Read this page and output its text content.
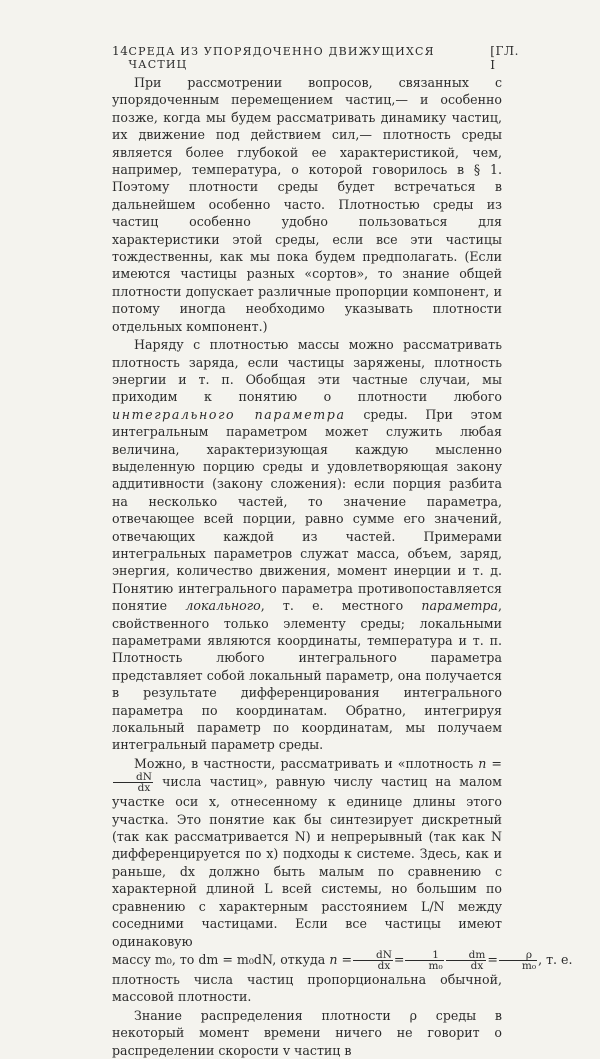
14 СРЕДА ИЗ УПОРЯДОЧЕННО ДВИЖУЩИХСЯ ЧАСТИЦ
[ГЛ. I

При рассмотрении вопросов, связанных с упорядоченным перемещением частиц,— и особенно позже, когда мы будем рассматривать динамику частиц, их движение под действием сил,— плотность среды является более глубокой ее характеристикой, чем, например, температура, о которой говорилось в § 1. Поэтому плотности среды будет встречаться в дальнейшем особенно часто. Плотностью среды из частиц особенно удобно пользоваться для характеристики этой среды, если все эти частицы тождественны, как мы пока будем предполагать. (Если имеются частицы разных «сортов», то знание общей плотности допускает различные пропорции компонент, и потому иногда необходимо указывать плотности отдельных компонент.)

Наряду с плотностью массы можно рассматривать плотность заряда, если частицы заряжены, плотность энергии и т. п. Обобщая эти частные случаи, мы приходим к понятию о плотности любого интегрального параметра среды. При этом интегральным параметром может служить любая величина, характеризующая каждую мысленно выделенную порцию среды и удовлетворяющая закону аддитивности (закону сложения): если порция разбита на несколько частей, то значение параметра, отвечающее всей порции, равно сумме его значений, отвечающих каждой из частей. Примерами интегральных параметров служат масса, объем, заряд, энергия, количество движения, момент инерции и т. д. Понятию интегрального параметра противопоставляется понятие локального, т. е. местного параметра, свойственного только элементу среды; локальными параметрами являются координаты, температура и т. п. Плотность любого интегрального параметра представляет собой локальный параметр, она получается в результате дифференцирования интегрального параметра по координатам. Обратно, интегрируя локальный параметр по координатам, мы получаем интегральный параметр среды.

Можно, в частности, рассматривать и «плотность n =
$\frac{dN}{dx}$ числа частиц», равную числу частиц на малом участке оси x, отнесенному к единице длины этого участка. Это понятие как бы синтезирует дискретный (так как рассматривается N) и непрерывный (так как N дифференцируется по x) подходы к системе. Здесь, как и раньше, dx должно быть малым по сравнению с характерной длиной L всей системы, но большим по сравнению с характерным расстоянием L/N между соседними частицами. Если все частицы имеют одинаковую
массу m₀, то dm = m₀dN, откуда $n = \frac{dN}{dx} = \frac{1}{\text{m₀}} \frac{dm}{dx} = \frac{\rho}{\text{m₀}}$ , т. е.
плотность числа частиц пропорциональна обычной, массовой плотности.

Знание распределения плотности ρ среды в некоторый момент времени ничего не говорит о распределении скорости v частиц в
